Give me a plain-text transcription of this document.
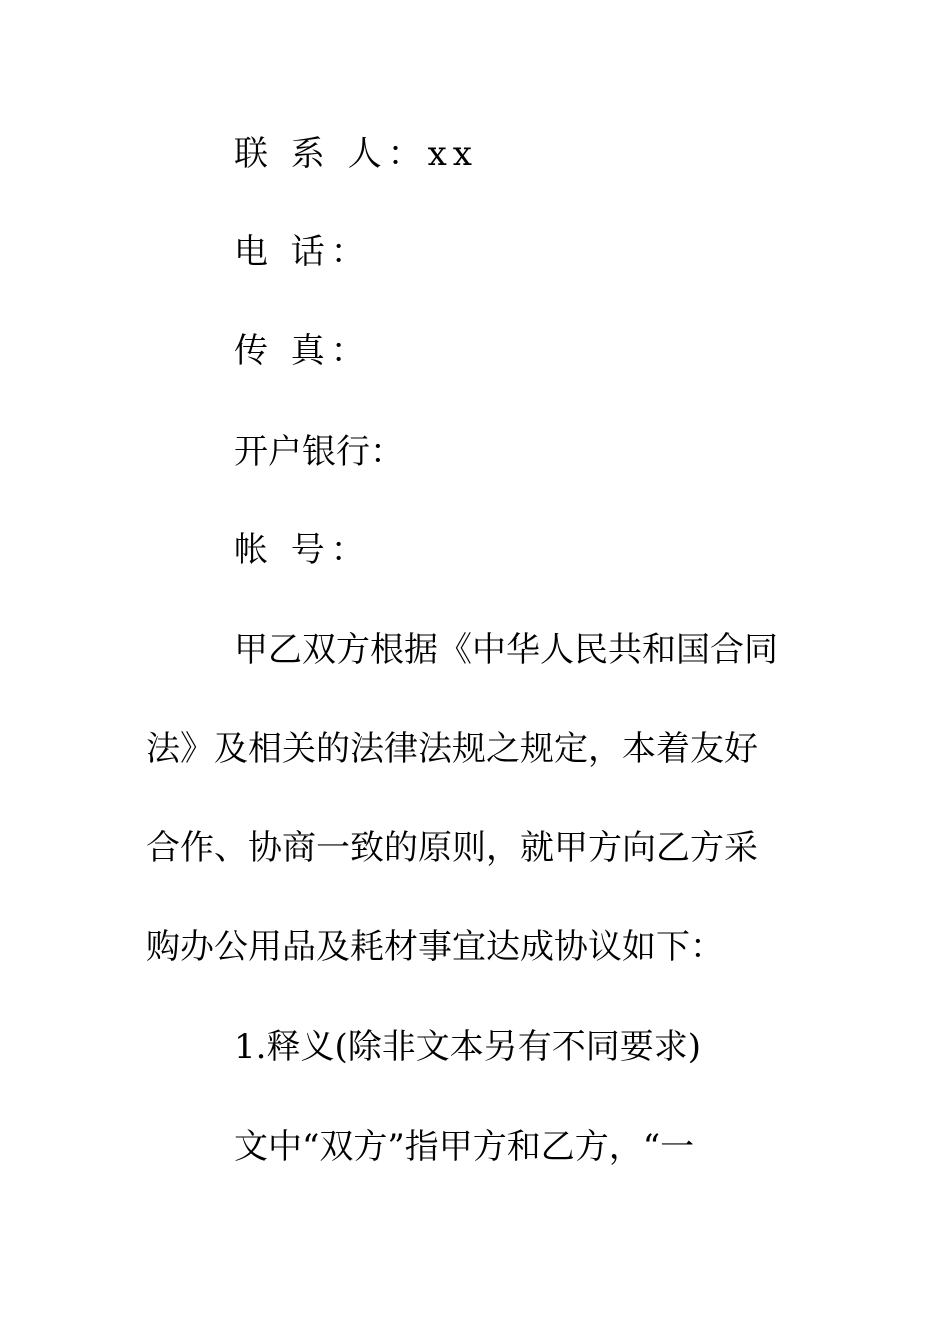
联 系 人：xx
电 话：
传 真：
开户银行：
帐 号：
甲乙双方根据《中华人民共和国合同
法》及相关的法律法规之规定，本着友好
合作、协商一致的原则，就甲方向乙方采
购办公用品及耗材事宜达成协议如下：
1.释义(除非文本另有不同要求)
文中“双方”指甲方和乙方，“一
